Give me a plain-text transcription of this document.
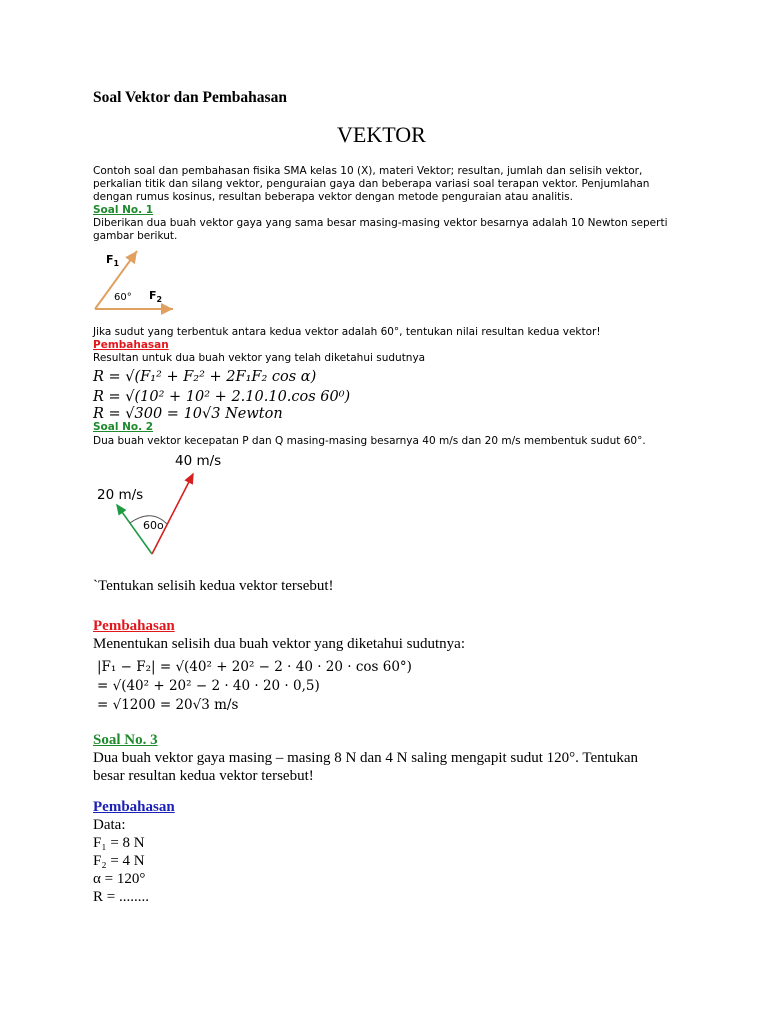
Soal Vektor dan Pembahasan
VEKTOR
Contoh soal dan pembahasan fisika SMA kelas 10 (X), materi Vektor; resultan, jumlah dan selisih vektor,
perkalian titik dan silang vektor, penguraian gaya dan beberapa variasi soal terapan vektor. Penjumlahan
dengan rumus kosinus, resultan beberapa vektor dengan metode penguraian atau analitis.
Soal No. 1
Diberikan dua buah vektor gaya yang sama besar masing-masing vektor besarnya adalah 10 Newton seperti
gambar berikut.
$F_1$
$F_2$
60°
Jika sudut yang terbentuk antara kedua vektor adalah 60°, tentukan nilai resultan kedua vektor!
Pembahasan
Resultan untuk dua buah vektor yang telah diketahui sudutnya
R = √(F₁² + F₂² + 2F₁F₂ cos α)
R = √(10² + 10² + 2.10.10.cos 60⁰)
R = √300 = 10√3 Newton
Soal No. 2
Dua buah vektor kecepatan P dan Q masing-masing besarnya 40 m/s dan 20 m/s membentuk sudut 60°.
40 m/s
20 m/s
60o
`Tentukan selisih kedua vektor tersebut!
Pembahasan
Menentukan selisih dua buah vektor yang diketahui sudutnya:
|F₁ − F₂| = √(40² + 20² − 2 · 40 · 20 · cos 60°)
= √(40² + 20² − 2 · 40 · 20 · 0,5)
= √1200 = 20√3 m/s
Soal No. 3
Dua buah vektor gaya masing – masing 8 N dan 4 N saling mengapit sudut 120°. Tentukan
besar resultan kedua vektor tersebut!
Pembahasan
Data:
F₁ = 8 N
F₂ = 4 N
α = 120°
R = ........
